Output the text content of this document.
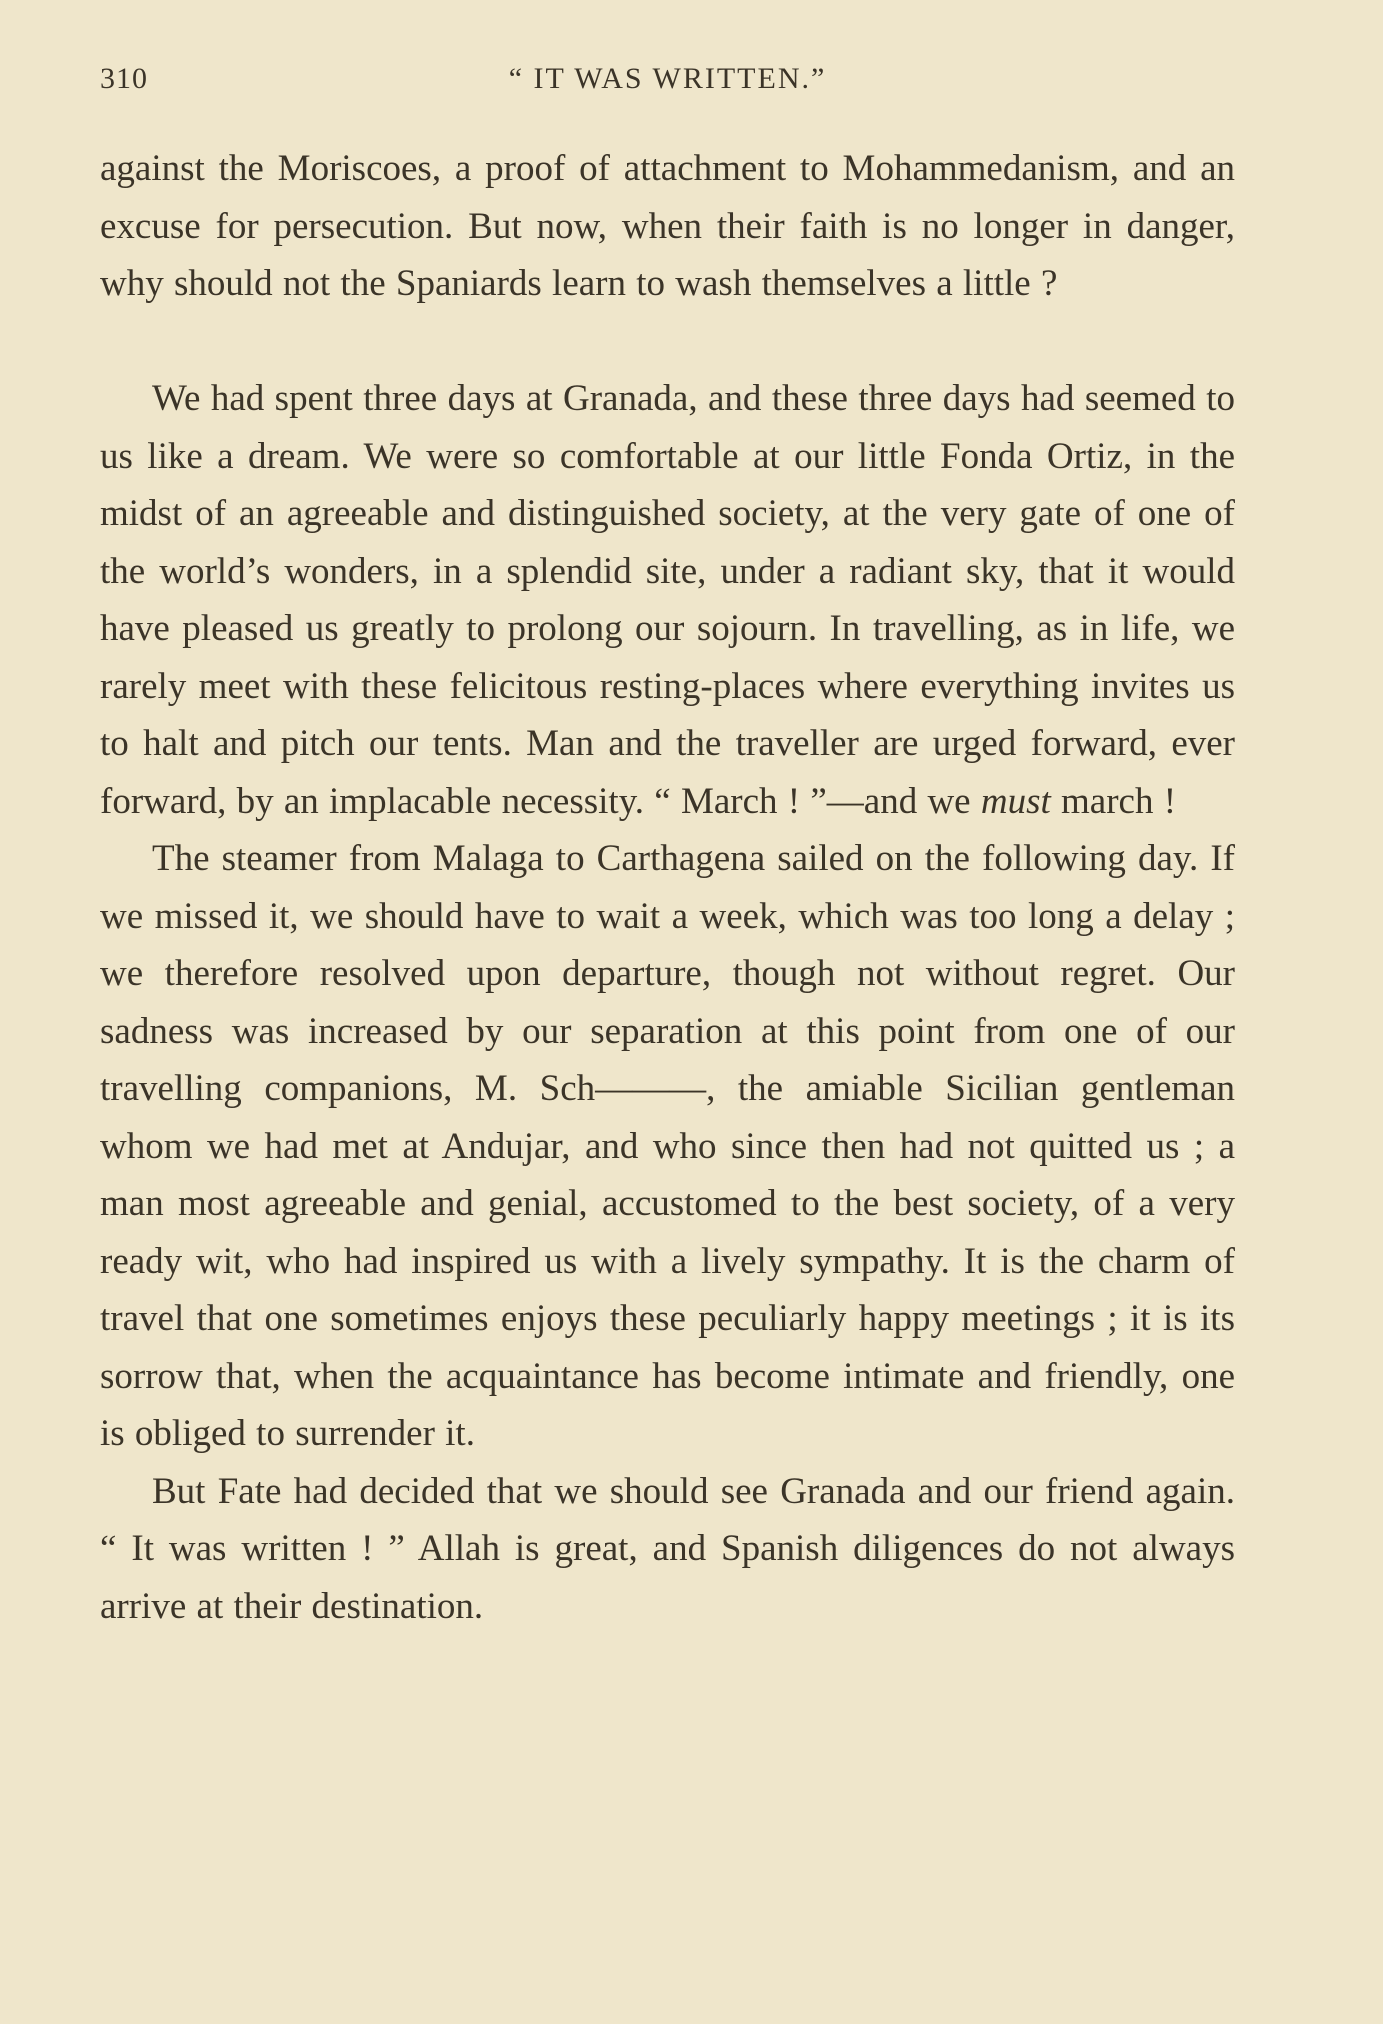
310	“ IT WAS WRITTEN.”

against the Moriscoes, a proof of attachment to Mohammedanism, and an excuse for persecution. But now, when their faith is no longer in danger, why should not the Spaniards learn to wash themselves a little ?

We had spent three days at Granada, and these three days had seemed to us like a dream. We were so comfortable at our little Fonda Ortiz, in the midst of an agreeable and distinguished society, at the very gate of one of the world’s wonders, in a splendid site, under a radiant sky, that it would have pleased us greatly to prolong our sojourn. In travelling, as in life, we rarely meet with these felicitous resting-places where everything invites us to halt and pitch our tents. Man and the traveller are urged forward, ever forward, by an implacable necessity. “ March ! ”—and we must march !

The steamer from Malaga to Carthagena sailed on the following day. If we missed it, we should have to wait a week, which was too long a delay ; we therefore resolved upon departure, though not without regret. Our sadness was increased by our separation at this point from one of our travelling companions, M. Sch———, the amiable Sicilian gentleman whom we had met at Andujar, and who since then had not quitted us ; a man most agreeable and genial, accustomed to the best society, of a very ready wit, who had inspired us with a lively sympathy. It is the charm of travel that one sometimes enjoys these peculiarly happy meetings ; it is its sorrow that, when the acquaintance has become intimate and friendly, one is obliged to surrender it.

But Fate had decided that we should see Granada and our friend again. “ It was written ! ” Allah is great, and Spanish diligences do not always arrive at their destination.
